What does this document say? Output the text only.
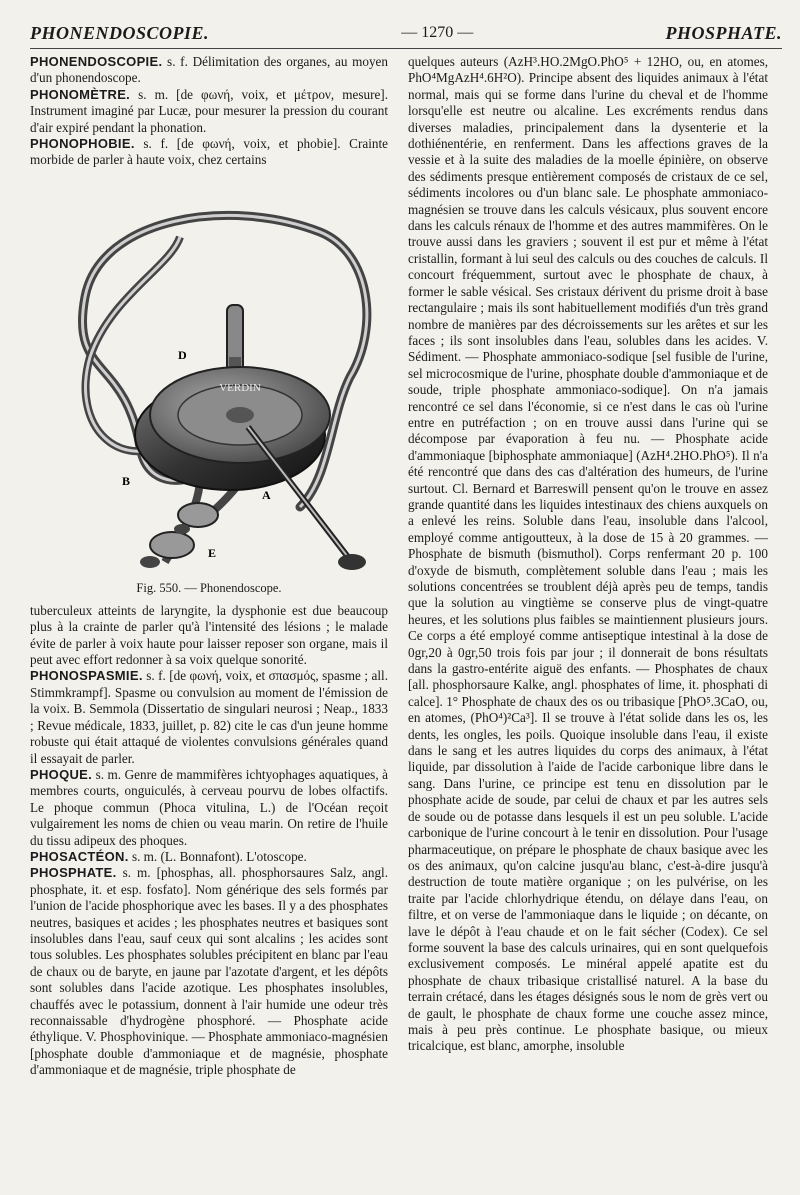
PHONENDOSCOPIE.	— 1270 —	PHOSPHATE.

PHONENDOSCOPIE. s. f. Délimitation des organes, au moyen d'un phonendoscope.

PHONOMÈTRE. s. m. [de φωνή, voix, et μέτρον, mesure]. Instrument imaginé par Lucæ, pour mesurer la pression du courant d'air expiré pendant la phonation.

PHONOPHOBIE. s. f. [de φωνή, voix, et phobie]. Crainte morbide de parler à haute voix, chez certains

VERDIN
D
B
A
E
Fig. 550. — Phonendoscope.

tuberculeux atteints de laryngite, la dysphonie est due beaucoup plus à la crainte de parler qu'à l'intensité des lésions ; le malade évite de parler à voix haute pour laisser reposer son organe, mais il peut avec effort redonner à sa voix quelque sonorité.

PHONOSPASMIE. s. f. [de φωνή, voix, et σπασμός, spasme ; all. Stimmkrampf]. Spasme ou convulsion au moment de l'émission de la voix. B. Semmola (Dissertatio de singulari neurosi ; Neap., 1833 ; Revue médicale, 1833, juillet, p. 82) cite le cas d'un jeune homme robuste qui était attaqué de violentes convulsions générales quand il essayait de parler.

PHOQUE. s. m. Genre de mammifères ichtyophages aquatiques, à membres courts, onguiculés, à cerveau pourvu de lobes olfactifs. Le phoque commun (Phoca vitulina, L.) de l'Océan reçoit vulgairement les noms de chien ou veau marin. On retire de l'huile du tissu adipeux des phoques.

PHOSACTÉON. s. m. (L. Bonnafont). L'otoscope.

PHOSPHATE. s. m. [phosphas, all. phosphorsaures Salz, angl. phosphate, it. et esp. fosfato]. Nom générique des sels formés par l'union de l'acide phosphorique avec les bases. Il y a des phosphates neutres, basiques et acides ; les phosphates neutres et basiques sont insolubles dans l'eau, sauf ceux qui sont alcalins ; les acides sont tous solubles. Les phosphates solubles précipitent en blanc par l'eau de chaux ou de baryte, en jaune par l'azotate d'argent, et les dépôts sont solubles dans l'acide azotique. Les phosphates insolubles, chauffés avec le potassium, donnent à l'air humide une odeur très reconnaissable d'hydrogène phosphoré. — Phosphate acide éthylique. V. Phosphovinique. — Phosphate ammoniaco-magnésien [phosphate double d'ammoniaque et de magnésie, phosphate d'ammoniaque et de magnésie, triple phosphate de

quelques auteurs (AzH³.HO.2MgO.PhO⁵ + 12HO, ou, en atomes, PhO⁴MgAzH⁴.6H²O). Principe absent des liquides animaux à l'état normal, mais qui se forme dans l'urine du cheval et de l'homme lorsqu'elle est neutre ou alcaline. Les excréments rendus dans diverses maladies, principalement dans la dysenterie et la dothiénentérie, en renferment. Dans les affections graves de la vessie et à la suite des maladies de la moelle épinière, on observe des sédiments presque entièrement composés de cristaux de ce sel, sédiments incolores ou d'un blanc sale. Le phosphate ammoniaco-magnésien se trouve dans les calculs vésicaux, plus souvent encore dans les calculs rénaux de l'homme et des autres mammifères. On le trouve aussi dans les graviers ; souvent il est pur et même à l'état cristallin, formant à lui seul des calculs ou des couches de calculs. Il concourt fréquemment, surtout avec le phosphate de chaux, à former le sable vésical. Ses cristaux dérivent du prisme droit à base rectangulaire ; mais ils sont habituellement modifiés d'un très grand nombre de manières par des décroissements sur les arêtes et sur les faces ; ils sont insolubles dans l'eau, solubles dans les acides. V. Sédiment. — Phosphate ammoniaco-sodique [sel fusible de l'urine, sel microcosmique de l'urine, phosphate double d'ammoniaque et de soude, triple phosphate ammoniaco-sodique]. On n'a jamais rencontré ce sel dans l'économie, si ce n'est dans le cas où l'urine entre en putréfaction ; on en trouve aussi dans l'urine qui se décompose par évaporation à feu nu. — Phosphate acide d'ammoniaque [biphosphate ammoniaque] (AzH⁴.2HO.PhO⁵). Il n'a été rencontré que dans des cas d'altération des humeurs, de l'urine surtout. Cl. Bernard et Barreswill pensent qu'on le trouve en assez grande quantité dans les liquides intestinaux des chiens auxquels on a enlevé les reins. Soluble dans l'eau, insoluble dans l'alcool, employé comme antigoutteux, à la dose de 15 à 20 grammes. — Phosphate de bismuth (bismuthol). Corps renfermant 20 p. 100 d'oxyde de bismuth, complètement soluble dans l'eau ; mais les solutions concentrées se troublent déjà après peu de temps, tandis que la solution au vingtième se conserve plus de vingt-quatre heures, et les solutions plus faibles se maintiennent plusieurs jours. Ce corps a été employé comme antiseptique intestinal à la dose de 0gr,20 à 0gr,50 trois fois par jour ; il donnerait de bons résultats dans la gastro-entérite aiguë des enfants. — Phosphates de chaux [all. phosphorsaure Kalke, angl. phosphates of lime, it. phosphati di calce]. 1° Phosphate de chaux des os ou tribasique [PhO⁵.3CaO, ou, en atomes, (PhO⁴)²Ca³]. Il se trouve à l'état solide dans les os, les dents, les ongles, les poils. Quoique insoluble dans l'eau, il existe dans le sang et les autres liquides du corps des animaux, à l'état liquide, par dissolution à l'aide de l'acide carbonique libre dans le sang. Dans l'urine, ce principe est tenu en dissolution par le phosphate acide de soude, par celui de chaux et par les autres sels de soude ou de potasse dans lesquels il est un peu soluble. L'acide carbonique de l'urine concourt à le tenir en dissolution. Pour l'usage pharmaceutique, on prépare le phosphate de chaux basique avec les os des animaux, qu'on calcine jusqu'au blanc, c'est-à-dire jusqu'à destruction de toute matière organique ; on les pulvérise, on les traite par l'acide chlorhydrique étendu, on délaye dans l'eau, on filtre, et on verse de l'ammoniaque dans le liquide ; on décante, on lave le dépôt à l'eau chaude et on le fait sécher (Codex). Ce sel forme souvent la base des calculs urinaires, qui en sont quelquefois exclusivement composés. Le minéral appelé apatite est du phosphate de chaux tribasique cristallisé naturel. A la base du terrain crétacé, dans les étages désignés sous le nom de grès vert ou de gault, le phosphate de chaux forme une couche assez mince, mais à peu près continue. Le phosphate basique, ou mieux tricalcique, est blanc, amorphe, insoluble
